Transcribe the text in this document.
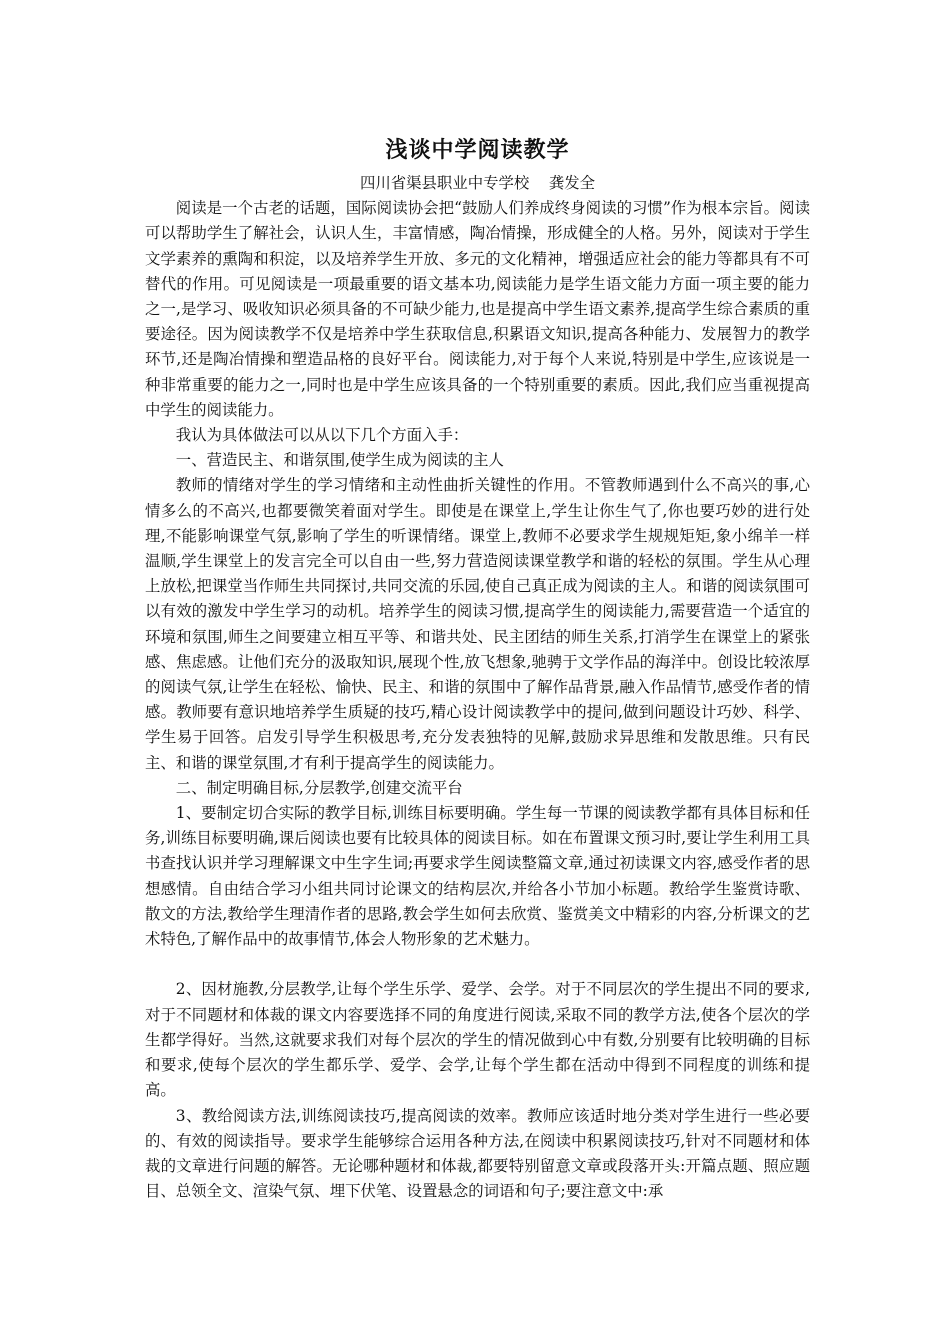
浅谈中学阅读教学
四川省渠县职业中专学校    龚发全

阅读是一个古老的话题，国际阅读协会把“鼓励人们养成终身阅读的习惯”作为根本宗旨。阅读可以帮助学生了解社会，认识人生，丰富情感，陶冶情操，形成健全的人格。另外，阅读对于学生文学素养的熏陶和积淀，以及培养学生开放、多元的文化精神，增强适应社会的能力等都具有不可替代的作用。可见阅读是一项最重要的语文基本功,阅读能力是学生语文能力方面一项主要的能力之一,是学习、吸收知识必须具备的不可缺少能力,也是提高中学生语文素养,提高学生综合素质的重要途径。因为阅读教学不仅是培养中学生获取信息,积累语文知识,提高各种能力、发展智力的教学环节,还是陶冶情操和塑造品格的良好平台。阅读能力,对于每个人来说,特别是中学生,应该说是一种非常重要的能力之一,同时也是中学生应该具备的一个特别重要的素质。因此,我们应当重视提高中学生的阅读能力。

我认为具体做法可以从以下几个方面入手：

一、营造民主、和谐氛围,使学生成为阅读的主人

教师的情绪对学生的学习情绪和主动性曲折关键性的作用。不管教师遇到什么不高兴的事,心情多么的不高兴,也都要微笑着面对学生。即使是在课堂上,学生让你生气了,你也要巧妙的进行处理,不能影响课堂气氛,影响了学生的听课情绪。课堂上,教师不必要求学生规规矩矩,象小绵羊一样温顺,学生课堂上的发言完全可以自由一些,努力营造阅读课堂教学和谐的轻松的氛围。学生从心理上放松,把课堂当作师生共同探讨,共同交流的乐园,使自己真正成为阅读的主人。和谐的阅读氛围可以有效的激发中学生学习的动机。培养学生的阅读习惯,提高学生的阅读能力,需要营造一个适宜的环境和氛围,师生之间要建立相互平等、和谐共处、民主团结的师生关系,打消学生在课堂上的紧张感、焦虑感。让他们充分的汲取知识,展现个性,放飞想象,驰骋于文学作品的海洋中。创设比较浓厚的阅读气氛,让学生在轻松、愉快、民主、和谐的氛围中了解作品背景,融入作品情节,感受作者的情感。教师要有意识地培养学生质疑的技巧,精心设计阅读教学中的提问,做到问题设计巧妙、科学、学生易于回答。启发引导学生积极思考,充分发表独特的见解,鼓励求异思维和发散思维。只有民主、和谐的课堂氛围,才有利于提高学生的阅读能力。

二、制定明确目标,分层教学,创建交流平台

1、要制定切合实际的教学目标,训练目标要明确。学生每一节课的阅读教学都有具体目标和任务,训练目标要明确,课后阅读也要有比较具体的阅读目标。如在布置课文预习时,要让学生利用工具书查找认识并学习理解课文中生字生词;再要求学生阅读整篇文章,通过初读课文内容,感受作者的思想感情。自由结合学习小组共同讨论课文的结构层次,并给各小节加小标题。教给学生鉴赏诗歌、散文的方法,教给学生理清作者的思路,教会学生如何去欣赏、鉴赏美文中精彩的内容,分析课文的艺术特色,了解作品中的故事情节,体会人物形象的艺术魅力。

2、因材施教,分层教学,让每个学生乐学、爱学、会学。对于不同层次的学生提出不同的要求,对于不同题材和体裁的课文内容要选择不同的角度进行阅读,采取不同的教学方法,使各个层次的学生都学得好。当然,这就要求我们对每个层次的学生的情况做到心中有数,分别要有比较明确的目标和要求,使每个层次的学生都乐学、爱学、会学,让每个学生都在活动中得到不同程度的训练和提高。

3、教给阅读方法,训练阅读技巧,提高阅读的效率。教师应该适时地分类对学生进行一些必要的、有效的阅读指导。要求学生能够综合运用各种方法,在阅读中积累阅读技巧,针对不同题材和体裁的文章进行问题的解答。无论哪种题材和体裁,都要特别留意文章或段落开头:开篇点题、照应题目、总领全文、渲染气氛、埋下伏笔、设置悬念的词语和句子;要注意文中:承
